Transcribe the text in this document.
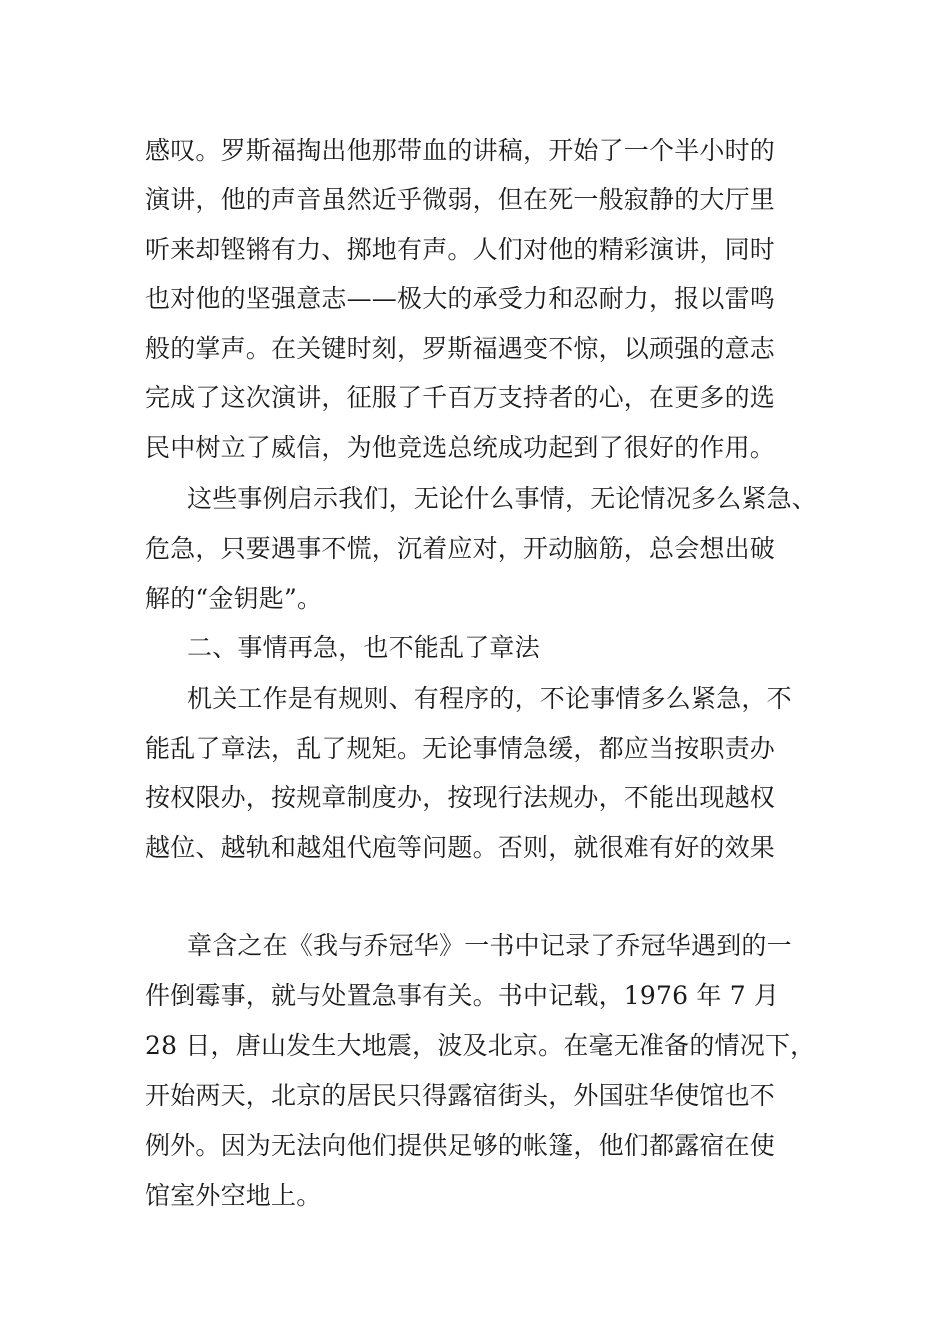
感叹。罗斯福掏出他那带血的讲稿，开始了一个半小时的
演讲，他的声音虽然近乎微弱，但在死一般寂静的大厅里
听来却铿锵有力、掷地有声。人们对他的精彩演讲，同时
也对他的坚强意志——极大的承受力和忍耐力，报以雷鸣
般的掌声。在关键时刻，罗斯福遇变不惊，以顽强的意志
完成了这次演讲，征服了千百万支持者的心，在更多的选
民中树立了威信，为他竞选总统成功起到了很好的作用。
这些事例启示我们，无论什么事情，无论情况多么紧急、
危急，只要遇事不慌，沉着应对，开动脑筋，总会想出破
解的“金钥匙”。
二、事情再急，也不能乱了章法
机关工作是有规则、有程序的，不论事情多么紧急，不
能乱了章法，乱了规矩。无论事情急缓，都应当按职责办
按权限办，按规章制度办，按现行法规办，不能出现越权
越位、越轨和越俎代庖等问题。否则，就很难有好的效果
章含之在《我与乔冠华》一书中记录了乔冠华遇到的一
件倒霉事，就与处置急事有关。书中记载，1976 年 7 月
28 日，唐山发生大地震，波及北京。在毫无准备的情况下，
开始两天，北京的居民只得露宿街头，外国驻华使馆也不
例外。因为无法向他们提供足够的帐篷，他们都露宿在使
馆室外空地上。
